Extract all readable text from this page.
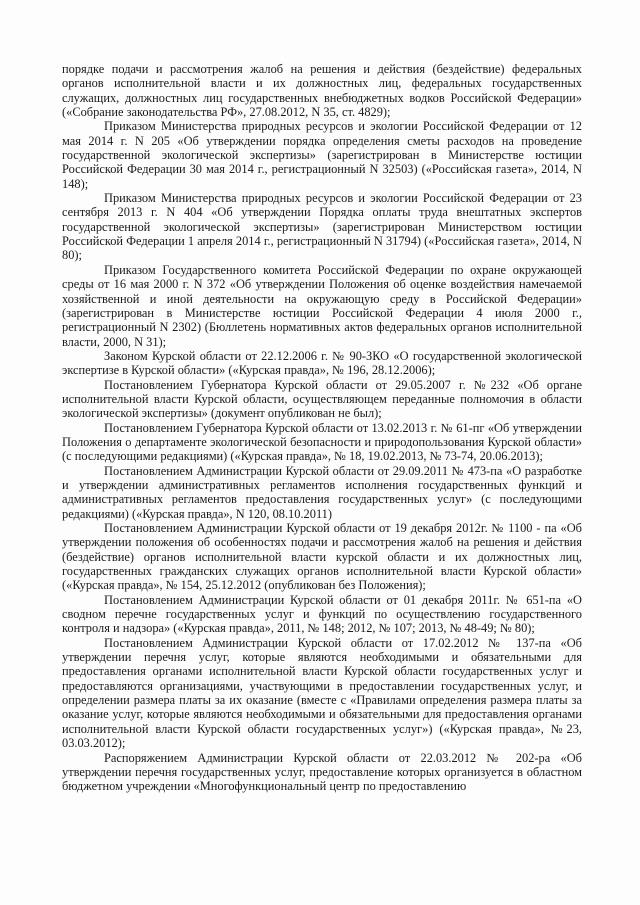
порядке подачи и рассмотрения жалоб на решения и действия (бездействие) федеральных органов исполнительной власти и их должностных лиц, федеральных государственных служащих, должностных лиц государственных внебюджетных водков Российской Федерации» («Собрание законодательства РФ», 27.08.2012, N 35, ст. 4829);

Приказом Министерства природных ресурсов и экологии Российской Федерации от 12 мая 2014 г. N 205 «Об утверждении порядка определения сметы расходов на проведение государственной экологической экспертизы» (зарегистрирован в Министерстве юстиции Российской Федерации 30 мая 2014 г., регистрационный N 32503) («Российская газета», 2014, N 148);

Приказом Министерства природных ресурсов и экологии Российской Федерации от 23 сентября 2013 г. N 404 «Об утверждении Порядка оплаты труда внештатных экспертов государственной экологической экспертизы» (зарегистрирован Министерством юстиции Российской Федерации 1 апреля 2014 г., регистрационный N 31794) («Российская газета», 2014, N 80);

Приказом Государственного комитета Российской Федерации по охране окружающей среды от 16 мая 2000 г. N 372 «Об утверждении Положения об оценке воздействия намечаемой хозяйственной и иной деятельности на окружающую среду в Российской Федерации» (зарегистрирован в Министерстве юстиции Российской Федерации 4 июля 2000 г., регистрационный N 2302) (Бюллетень нормативных актов федеральных органов исполнительной власти, 2000, N 31);

Законом Курской области от 22.12.2006 г. № 90-ЗКО «О государственной экологической экспертизе в Курской области» («Курская правда», № 196, 28.12.2006);

Постановлением Губернатора Курской области от 29.05.2007 г. №232 «Об органе исполнительной власти Курской области, осуществляющем переданные полномочия в области экологической экспертизы» (документ опубликован не был);

Постановлением Губернатора Курской области от 13.02.2013 г. № 61-пг «Об утверждении Положения о департаменте экологической безопасности и природопользования Курской области» (с последующими редакциями) («Курская правда», № 18, 19.02.2013, № 73-74, 20.06.2013);

Постановлением Администрации Курской области от 29.09.2011 № 473-па «О разработке и утверждении административных регламентов исполнения государственных функций и административных регламентов предоставления государственных услуг» (с последующими редакциями) («Курская правда», N 120, 08.10.2011)

Постановлением Администрации Курской области от 19 декабря 2012г. № 1100 - па «Об утверждении положения об особенностях подачи и рассмотрения жалоб на решения и действия (бездействие) органов исполнительной власти курской области и их должностных лиц, государственных гражданских служащих органов исполнительной власти Курской области» («Курская правда», № 154, 25.12.2012 (опубликован без Положения);

Постановлением Администрации Курской области от 01 декабря 2011г. № 651-па «О сводном перечне государственных услуг и функций по осуществлению государственного контроля и надзора» («Курская правда», 2011, № 148; 2012, № 107; 2013, № 48-49; № 80);

Постановлением Администрации Курской области от 17.02.2012 № 137-па «Об утверждении перечня услуг, которые являются необходимыми и обязательными для предоставления органами исполнительной власти Курской области государственных услуг и предоставляются организациями, участвующими в предоставлении государственных услуг, и определении размера платы за их оказание (вместе с «Правилами определения размера платы за оказание услуг, которые являются необходимыми и обязательными для предоставления органами исполнительной власти Курской области государственных услуг») («Курская правда», №23, 03.03.2012);

Распоряжением Администрации Курской области от 22.03.2012 № 202-ра «Об утверждении перечня государственных услуг, предоставление которых организуется в областном бюджетном учреждении «Многофункциональный центр по предоставлению
